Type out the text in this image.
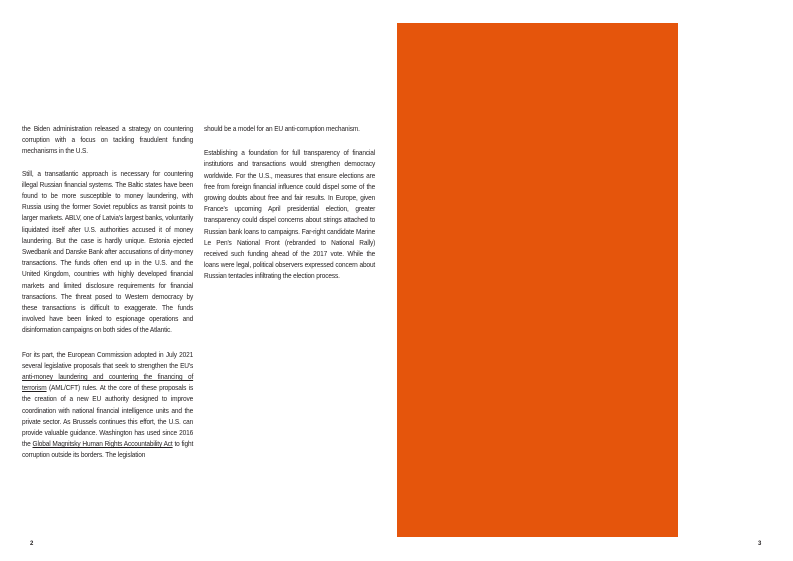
the Biden administration released a strategy on countering corruption with a focus on tackling fraudulent funding mechanisms in the U.S.

Still, a transatlantic approach is necessary for countering illegal Russian financial systems. The Baltic states have been found to be more susceptible to money laundering, with Russia using the former Soviet republics as transit points to larger markets. ABLV, one of Latvia's largest banks, voluntarily liquidated itself after U.S. authorities accused it of money laundering. But the case is hardly unique. Estonia ejected Swedbank and Danske Bank after accusations of dirty-money transactions. The funds often end up in the U.S. and the United Kingdom, countries with highly developed financial markets and limited disclosure requirements for financial transactions. The threat posed to Western democracy by these transactions is difficult to exaggerate. The funds involved have been linked to espionage operations and disinformation campaigns on both sides of the Atlantic.

For its part, the European Commission adopted in July 2021 several legislative proposals that seek to strengthen the EU's anti-money laundering and countering the financing of terrorism (AML/CFT) rules. At the core of these proposals is the creation of a new EU authority designed to improve coordination with national financial intelligence units and the private sector. As Brussels continues this effort, the U.S. can provide valuable guidance. Washington has used since 2016 the Global Magnitsky Human Rights Accountability Act to fight corruption outside its borders. The legislation

should be a model for an EU anti-corruption mechanism.

Establishing a foundation for full transparency of financial institutions and transactions would strengthen democracy worldwide. For the U.S., measures that ensure elections are free from foreign financial influence could dispel some of the growing doubts about free and fair results. In Europe, given France's upcoming April presidential election, greater transparency could dispel concerns about strings attached to Russian bank loans to campaigns. Far-right candidate Marine Le Pen's National Front (rebranded to National Rally) received such funding ahead of the 2017 vote. While the loans were legal, political observers expressed concern about Russian tentacles infiltrating the election process.

2	3
